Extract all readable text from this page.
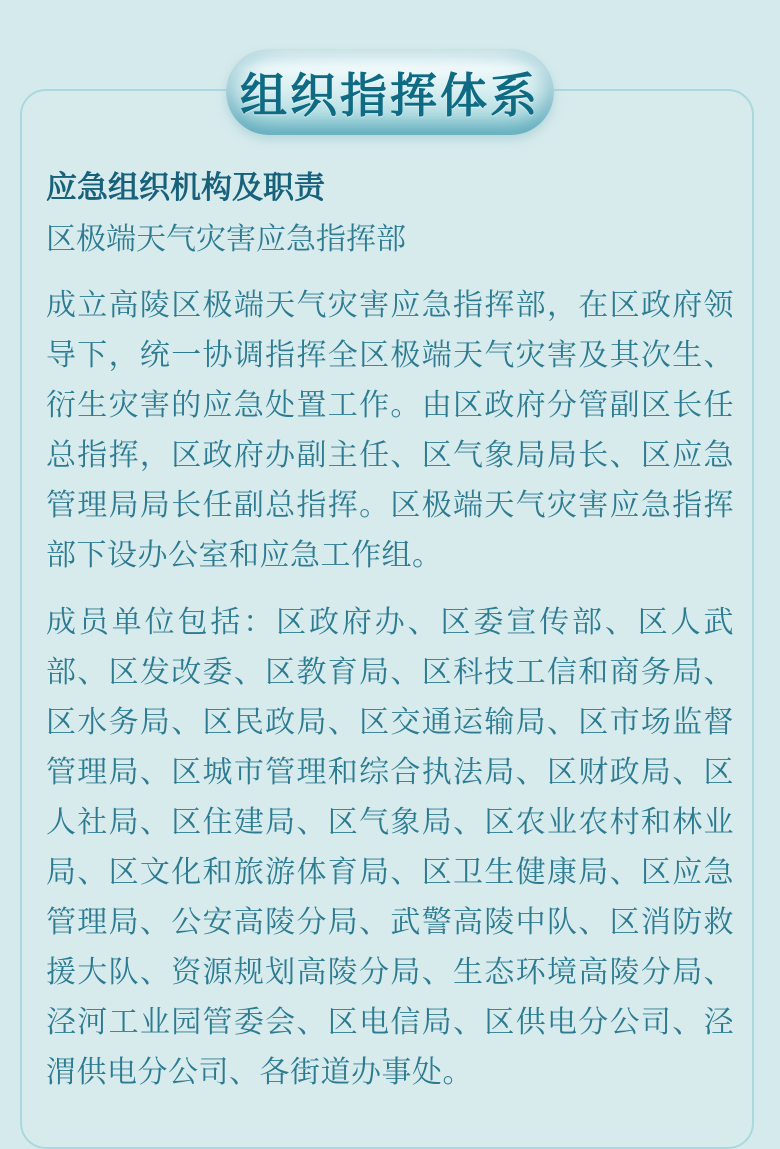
组织指挥体系
应急组织机构及职责
区极端天气灾害应急指挥部

成立高陵区极端天气灾害应急指挥部，在区政府领导下，统一协调指挥全区极端天气灾害及其次生、衍生灾害的应急处置工作。由区政府分管副区长任总指挥，区政府办副主任、区气象局局长、区应急管理局局长任副总指挥。区极端天气灾害应急指挥部下设办公室和应急工作组。

成员单位包括：区政府办、区委宣传部、区人武部、区发改委、区教育局、区科技工信和商务局、区水务局、区民政局、区交通运输局、区市场监督管理局、区城市管理和综合执法局、区财政局、区人社局、区住建局、区气象局、区农业农村和林业局、区文化和旅游体育局、区卫生健康局、区应急管理局、公安高陵分局、武警高陵中队、区消防救援大队、资源规划高陵分局、生态环境高陵分局、泾河工业园管委会、区电信局、区供电分公司、泾渭供电分公司、各街道办事处。
